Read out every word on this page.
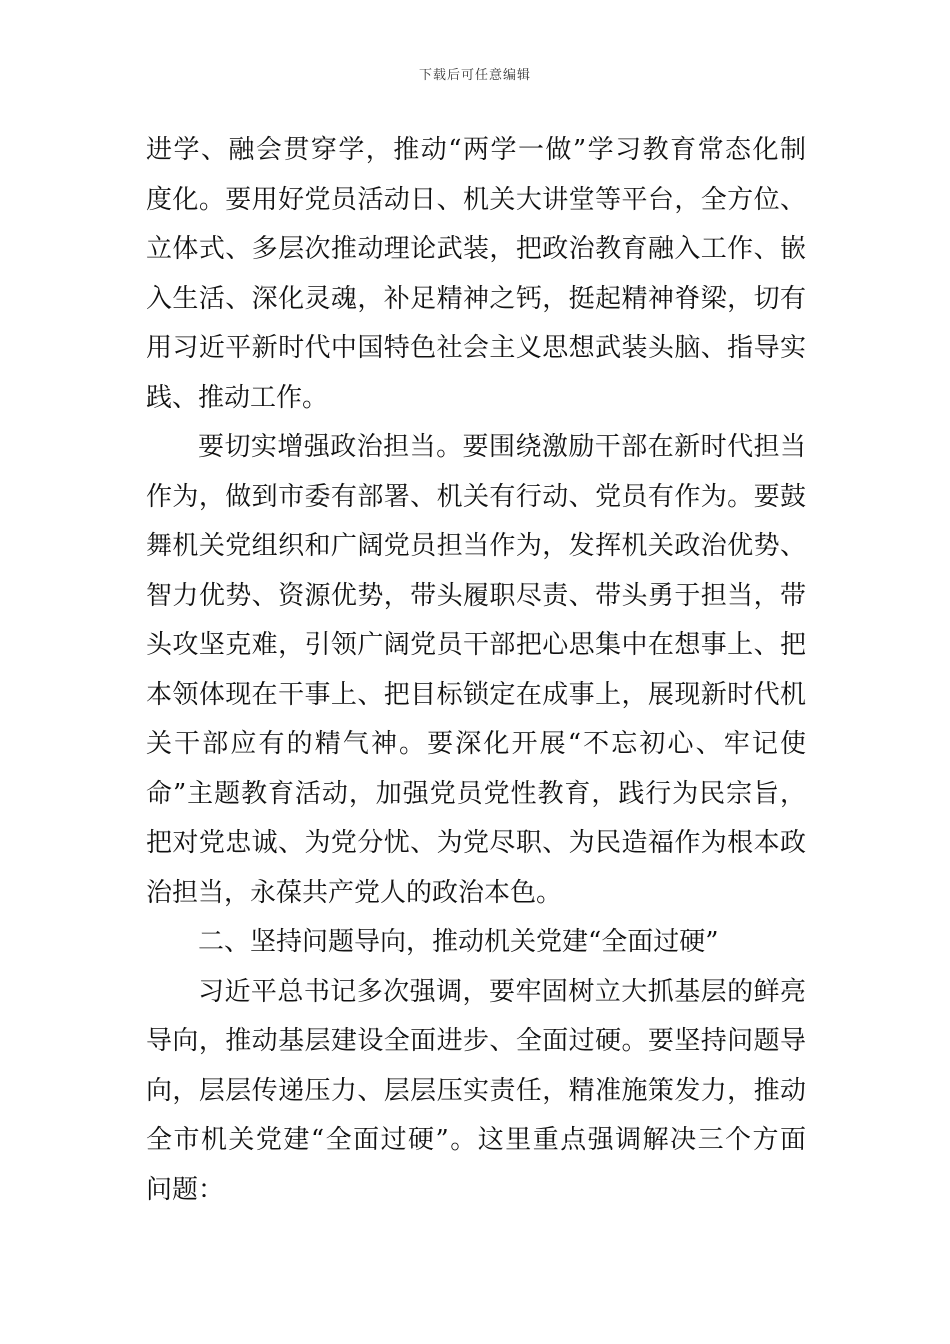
下载后可任意编辑
进学、融会贯穿学，推动“两学一做”学习教育常态化制
度化。要用好党员活动日、机关大讲堂等平台，全方位、
立体式、多层次推动理论武装，把政治教育融入工作、嵌
入生活、深化灵魂，补足精神之钙，挺起精神脊梁，切有
用习近平新时代中国特色社会主义思想武装头脑、指导实
践、推动工作。
要切实增强政治担当。要围绕激励干部在新时代担当
作为，做到市委有部署、机关有行动、党员有作为。要鼓
舞机关党组织和广阔党员担当作为，发挥机关政治优势、
智力优势、资源优势，带头履职尽责、带头勇于担当，带
头攻坚克难，引领广阔党员干部把心思集中在想事上、把
本领体现在干事上、把目标锁定在成事上，展现新时代机
关干部应有的精气神。要深化开展“不忘初心、牢记使
命”主题教育活动，加强党员党性教育，践行为民宗旨，
把对党忠诚、为党分忧、为党尽职、为民造福作为根本政
治担当，永葆共产党人的政治本色。
二、坚持问题导向，推动机关党建“全面过硬”
习近平总书记多次强调，要牢固树立大抓基层的鲜亮
导向，推动基层建设全面进步、全面过硬。要坚持问题导
向，层层传递压力、层层压实责任，精准施策发力，推动
全市机关党建“全面过硬”。这里重点强调解决三个方面
问题：
